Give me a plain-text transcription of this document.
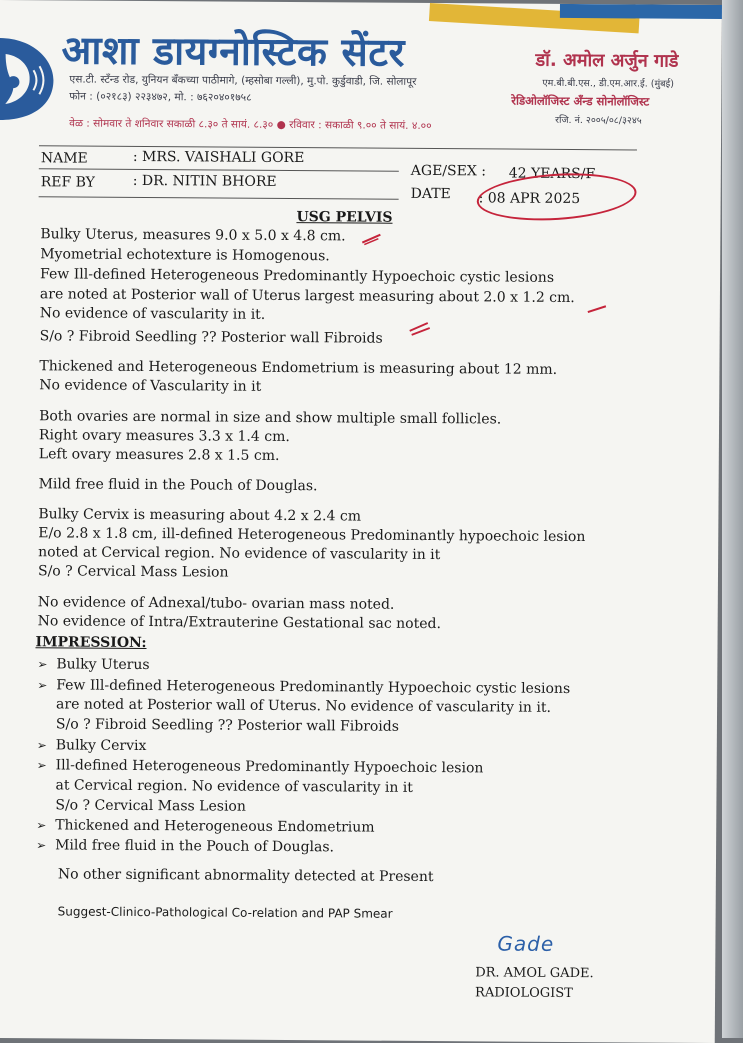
आशा डायग्नोस्टिक सेंटर
एस.टी. स्टँन्ड रोड, युनियन बँकच्या पाठीमागे, (म्हसोबा गल्ली), मु.पो. कुर्डुवाडी, जि. सोलापूर
फोन : (०२१८३) २२३४७२, मो. : ७६२०४०१७५८
वेळ : सोमवार ते शनिवार सकाळी ८.३० ते सायं. ८.३० ● रविवार : सकाळी ९.०० ते सायं. ४.००
डॉ. अमोल अर्जुन गाडे
एम.बी.बी.एस., डी.एम.आर.ई. (मुंबई)
रेडिओलॉजिस्ट अँन्ड सोनोलॉजिस्ट
रजि. नं. २००५/०८/३२४५
NAME	: MRS. VAISHALI GORE
AGE/SEX : 42 YEARS/F
REF BY	: DR. NITIN BHORE
DATE : 08 APR 2025
USG PELVIS
Bulky Uterus, measures 9.0 x 5.0 x 4.8 cm.
Myometrial echotexture is Homogenous.
Few Ill-defined Heterogeneous Predominantly Hypoechoic cystic lesions
are noted at Posterior wall of Uterus largest measuring about 2.0 x 1.2 cm.
No evidence of vascularity in it.
S/o ? Fibroid Seedling ?? Posterior wall Fibroids
Thickened and Heterogeneous Endometrium is measuring about 12 mm.
No evidence of Vascularity in it
Both ovaries are normal in size and show multiple small follicles.
Right ovary measures 3.3 x 1.4 cm.
Left ovary measures 2.8 x 1.5 cm.
Mild free fluid in the Pouch of Douglas.
Bulky Cervix is measuring about 4.2 x 2.4 cm
E/o 2.8 x 1.8 cm, ill-defined Heterogeneous Predominantly hypoechoic lesion
noted at Cervical region. No evidence of vascularity in it
S/o ? Cervical Mass Lesion
No evidence of Adnexal/tubo- ovarian mass noted.
No evidence of Intra/Extrauterine Gestational sac noted.
IMPRESSION:
➢ Bulky Uterus
➢ Few Ill-defined Heterogeneous Predominantly Hypoechoic cystic lesions
are noted at Posterior wall of Uterus. No evidence of vascularity in it.
S/o ? Fibroid Seedling ?? Posterior wall Fibroids
➢ Bulky Cervix
➢ Ill-defined Heterogeneous Predominantly Hypoechoic lesion
at Cervical region. No evidence of vascularity in it
S/o ? Cervical Mass Lesion
➢ Thickened and Heterogeneous Endometrium
➢ Mild free fluid in the Pouch of Douglas.
No other significant abnormality detected at Present
Suggest-Clinico-Pathological Co-relation and PAP Smear
Gade
DR. AMOL GADE.
RADIOLOGIST
